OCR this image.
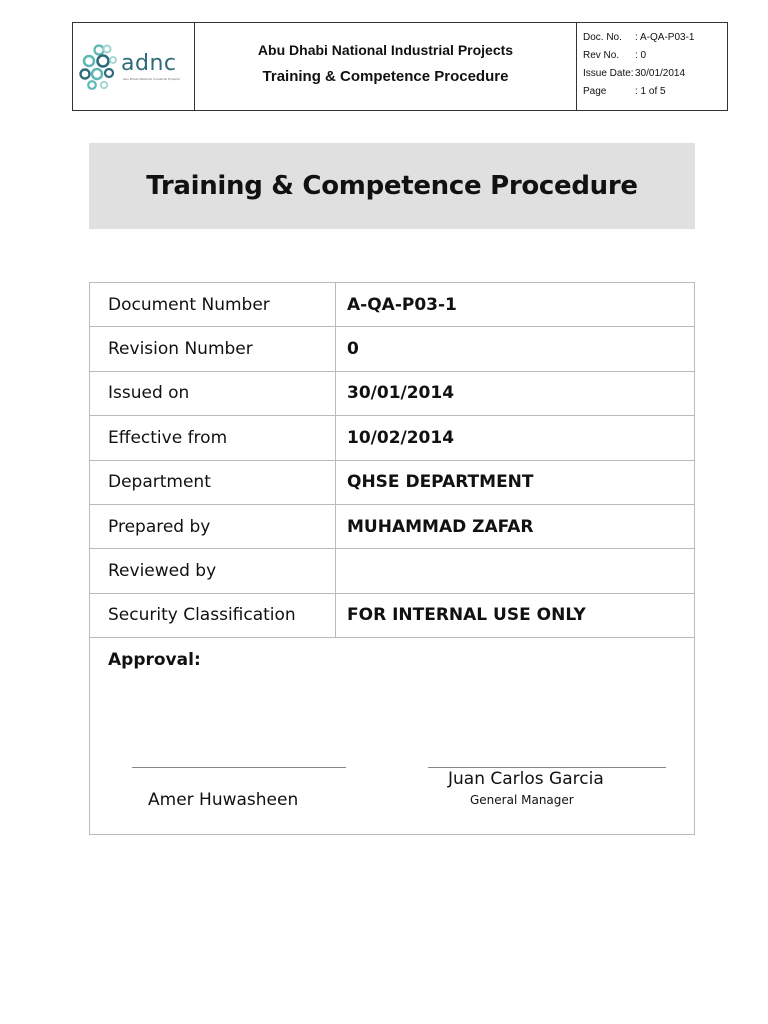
adnc
Abu Dhabi National Industrial Projects
Abu Dhabi National Industrial Projects
Training & Competence Procedure
Doc. No.	: A-QA-P03-1
Rev No.	: 0
Issue Date: 30/01/2014
Page	: 1 of 5
Training & Competence Procedure
Document Number	A-QA-P03-1
Revision Number	0
Issued on	30/01/2014
Effective from	10/02/2014
Department	QHSE DEPARTMENT
Prepared by	MUHAMMAD ZAFAR
Reviewed by
Security Classification	FOR INTERNAL USE ONLY
Approval:
Amer Huwasheen
Juan Carlos Garcia
General Manager
